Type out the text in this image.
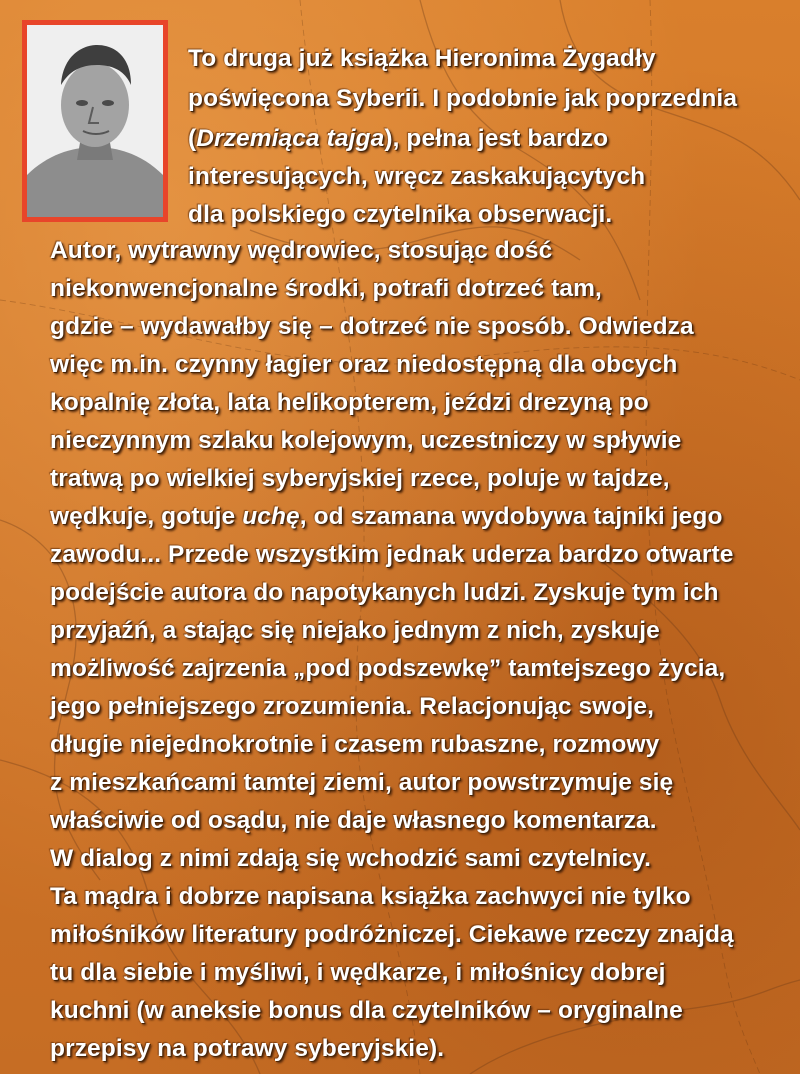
To druga już książka Hieronima Żygadły
poświęcona Syberii. I podobnie jak poprzednia
(Drzemiąca tajga), pełna jest bardzo
interesujących, wręcz zaskakującytych
dla polskiego czytelnika obserwacji.
Autor, wytrawny wędrowiec, stosując dość
niekonwencjonalne środki, potrafi dotrzeć tam,
gdzie – wydawałby się – dotrzeć nie sposób. Odwiedza
więc m.in. czynny łagier oraz niedostępną dla obcych
kopalnię złota, lata helikopterem, jeździ drezyną po
nieczynnym szlaku kolejowym, uczestniczy w spływie
tratwą po wielkiej syberyjskiej rzece, poluje w tajdze,
wędkuje, gotuje uchę, od szamana wydobywa tajniki jego
zawodu... Przede wszystkim jednak uderza bardzo otwarte
podejście autora do napotykanych ludzi. Zyskuje tym ich
przyjaźń, a stając się niejako jednym z nich, zyskuje
możliwość zajrzenia „pod podszewkę” tamtejszego życia,
jego pełniejszego zrozumienia. Relacjonując swoje,
długie niejednokrotnie i czasem rubaszne, rozmowy
z mieszkańcami tamtej ziemi, autor powstrzymuje się
właściwie od osądu, nie daje własnego komentarza.
W dialog z nimi zdają się wchodzić sami czytelnicy.
Ta mądra i dobrze napisana książka zachwyci nie tylko
miłośników literatury podróżniczej. Ciekawe rzeczy znajdą
tu dla siebie i myśliwi, i wędkarze, i miłośnicy dobrej
kuchni (w aneksie bonus dla czytelników – oryginalne
przepisy na potrawy syberyjskie).
